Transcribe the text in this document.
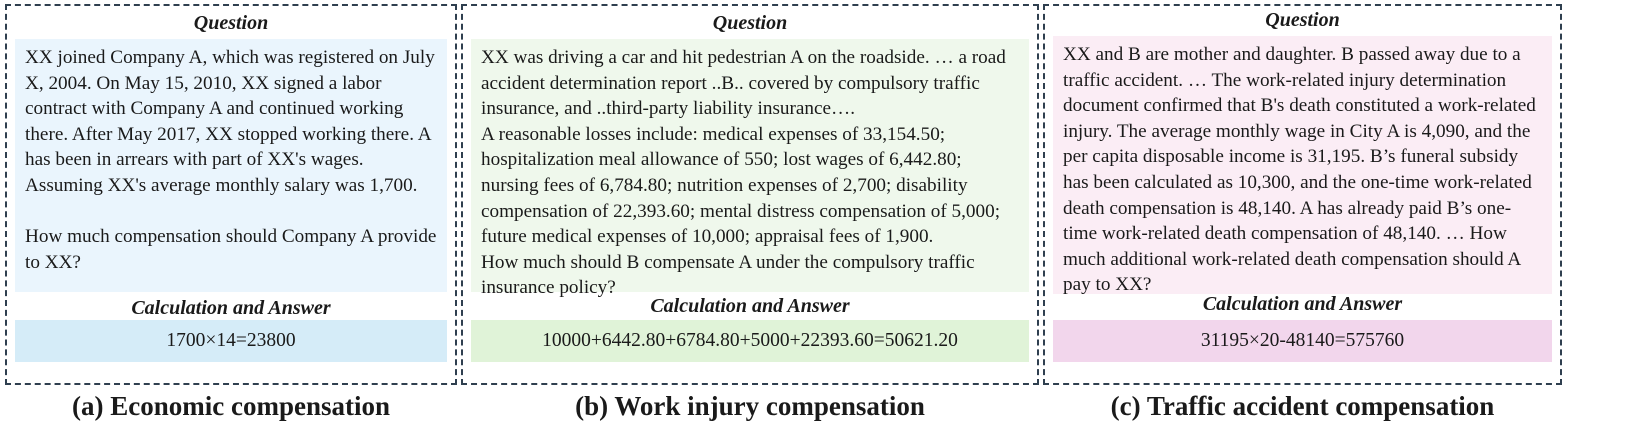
Question

XX joined Company A, which was registered on July X, 2004. On May 15, 2010, XX signed a labor contract with Company A and continued working there. After May 2017, XX stopped working there. A has been in arrears with part of XX's wages. Assuming XX's average monthly salary was 1,700.

How much compensation should Company A provide to XX?

Calculation and Answer
1700×14=23800
Question

XX was driving a car and hit pedestrian A on the roadside. … a road accident determination report ..B.. covered by compulsory traffic insurance, and ..third-party liability insurance….
A reasonable losses include: medical expenses of 33,154.50; hospitalization meal allowance of 550; lost wages of 6,442.80; nursing fees of 6,784.80; nutrition expenses of 2,700; disability compensation of 22,393.60; mental distress compensation of 5,000; future medical expenses of 10,000; appraisal fees of 1,900.
How much should B compensate A under the compulsory traffic insurance policy?

Calculation and Answer
10000+6442.80+6784.80+5000+22393.60=50621.20
Question

XX and B are mother and daughter. B passed away due to a traffic accident. … The work-related injury determination document confirmed that B's death constituted a work-related injury. The average monthly wage in City A is 4,090, and the per capita disposable income is 31,195. B’s funeral subsidy has been calculated as 10,300, and the one-time work-related death compensation is 48,140. A has already paid B’s one-time work-related death compensation of 48,140. … How much additional work-related death compensation should A pay to XX?

Calculation and Answer
31195×20-48140=575760
(a) Economic compensation	(b) Work injury compensation	(c) Traffic accident compensation
